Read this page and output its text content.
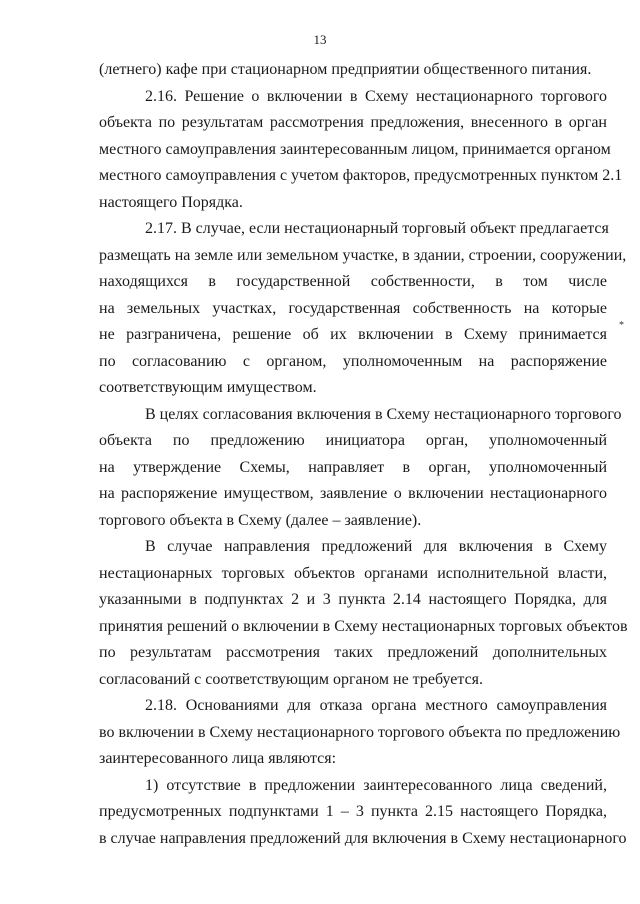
13
*
(летнего) кафе при стационарном предприятии общественного питания.
2.16. Решение о включении в Схему нестационарного торгового
объекта по результатам рассмотрения предложения, внесенного в орган
местного самоуправления заинтересованным лицом, принимается органом
местного самоуправления с учетом факторов, предусмотренных пунктом 2.1
настоящего Порядка.
2.17. В случае, если нестационарный торговый объект предлагается
размещать на земле или земельном участке, в здании, строении, сооружении,
находящихся в государственной собственности, в том числе
на земельных участках, государственная собственность на которые
не разграничена, решение об их включении в Схему принимается
по согласованию с органом, уполномоченным на распоряжение
соответствующим имуществом.
В целях согласования включения в Схему нестационарного торгового
объекта по предложению инициатора орган, уполномоченный
на утверждение Схемы, направляет в орган, уполномоченный
на распоряжение имуществом, заявление о включении нестационарного
торгового объекта в Схему (далее – заявление).
В случае направления предложений для включения в Схему
нестационарных торговых объектов органами исполнительной власти,
указанными в подпунктах 2 и 3 пункта 2.14 настоящего Порядка, для
принятия решений о включении в Схему нестационарных торговых объектов
по результатам рассмотрения таких предложений дополнительных
согласований с соответствующим органом не требуется.
2.18. Основаниями для отказа органа местного самоуправления
во включении в Схему нестационарного торгового объекта по предложению
заинтересованного лица являются:
1) отсутствие в предложении заинтересованного лица сведений,
предусмотренных подпунктами 1 – 3 пункта 2.15 настоящего Порядка,
в случае направления предложений для включения в Схему нестационарного
